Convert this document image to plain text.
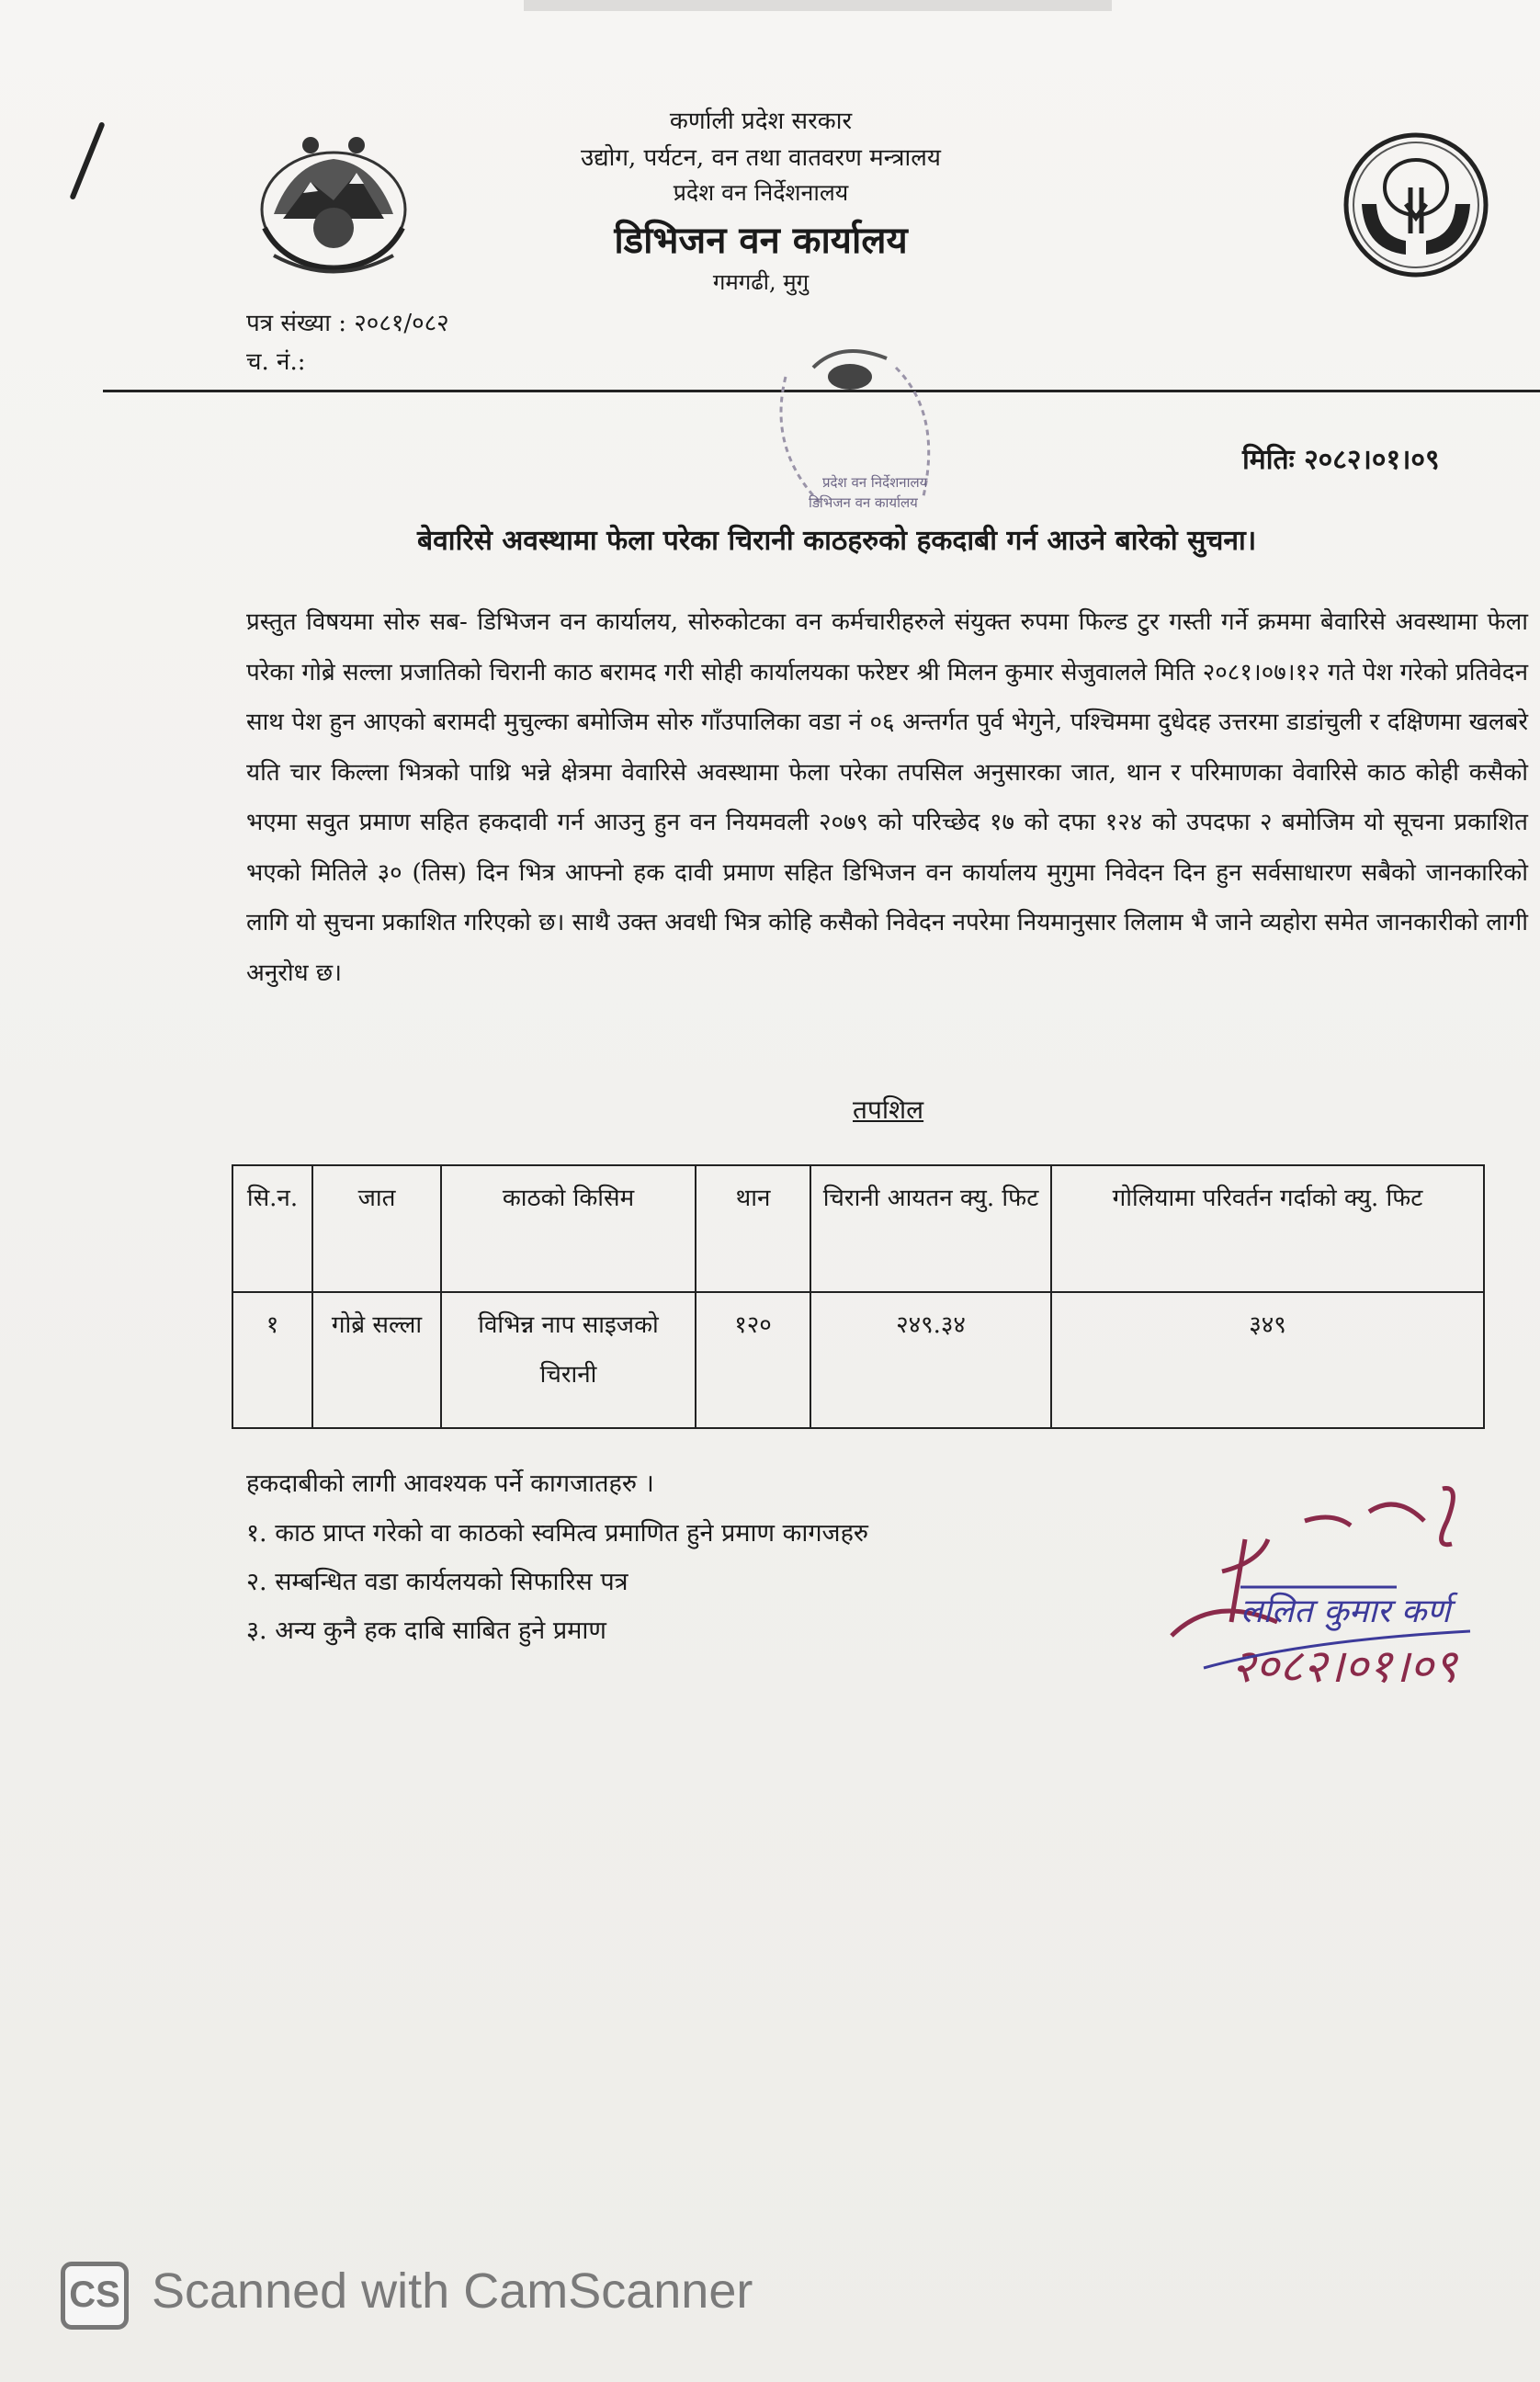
कर्णाली प्रदेश सरकार
उद्योग, पर्यटन, वन तथा वातवरण मन्त्रालय
प्रदेश वन निर्देशनालय
डिभिजन वन कार्यालय
गमगढी, मुगु
पत्र संख्या : २०८१/०८२
च. नं.:
डिभिजन वन कार्यालय
प्रदेश वन निर्देशनालय
मितिः २०८२।०१।०९
बेवारिसे अवस्थामा फेला परेका चिरानी काठहरुको हकदाबी गर्न आउने बारेको सुचना।
प्रस्तुत विषयमा सोरु सब- डिभिजन वन कार्यालय, सोरुकोटका वन कर्मचारीहरुले संयुक्त रुपमा फिल्ड टुर गस्ती गर्ने क्रममा बेवारिसे अवस्थामा फेला परेका गोब्रे सल्ला प्रजातिको चिरानी काठ बरामद गरी सोही कार्यालयका फरेष्टर श्री मिलन कुमार सेजुवालले मिति २०८१।०७।१२ गते पेश गरेको प्रतिवेदन साथ पेश हुन आएको बरामदी मुचुल्का बमोजिम सोरु गाँउपालिका वडा नं ०६ अन्तर्गत पुर्व भेगुने, पश्चिममा दुधेदह उत्तरमा डाडांचुली र दक्षिणमा खलबरे यति चार किल्ला भित्रको पाथ्रि भन्ने क्षेत्रमा वेवारिसे अवस्थामा फेला परेका तपसिल अनुसारका जात, थान र परिमाणका वेवारिसे काठ कोही कसैको भएमा सवुत प्रमाण सहित हकदावी गर्न आउनु हुन वन नियमवली २०७९ को परिच्छेद १७ को दफा १२४ को उपदफा २ बमोजिम यो सूचना प्रकाशित भएको मितिले ३० (तिस) दिन भित्र आफ्नो हक दावी प्रमाण सहित डिभिजन वन कार्यालय मुगुमा निवेदन दिन हुन सर्वसाधारण सबैको जानकारिको लागि यो सुचना प्रकाशित गरिएको छ। साथै उक्त अवधी भित्र कोहि कसैको निवेदन नपरेमा नियमानुसार लिलाम भै जाने व्यहोरा समेत जानकारीको लागी अनुरोध छ।
तपशिल
सि.न.	जात	काठको किसिम	थान	चिरानी आयतन क्यु. फिट	गोलियामा परिवर्तन गर्दाको क्यु. फिट
१	गोब्रे सल्ला	विभिन्न नाप साइजको चिरानी	१२०	२४९.३४	३४९
हकदाबीको लागी आवश्यक पर्ने कागजातहरु ।
१. काठ प्राप्त गरेको वा काठको स्वमित्व प्रमाणित हुने प्रमाण कागजहरु
२. सम्बन्धित वडा कार्यलयको सिफारिस पत्र
३. अन्य कुनै हक दाबि साबित हुने प्रमाण
ललित कुमार कर्ण
२०८२।०१।०९
CS Scanned with CamScanner
